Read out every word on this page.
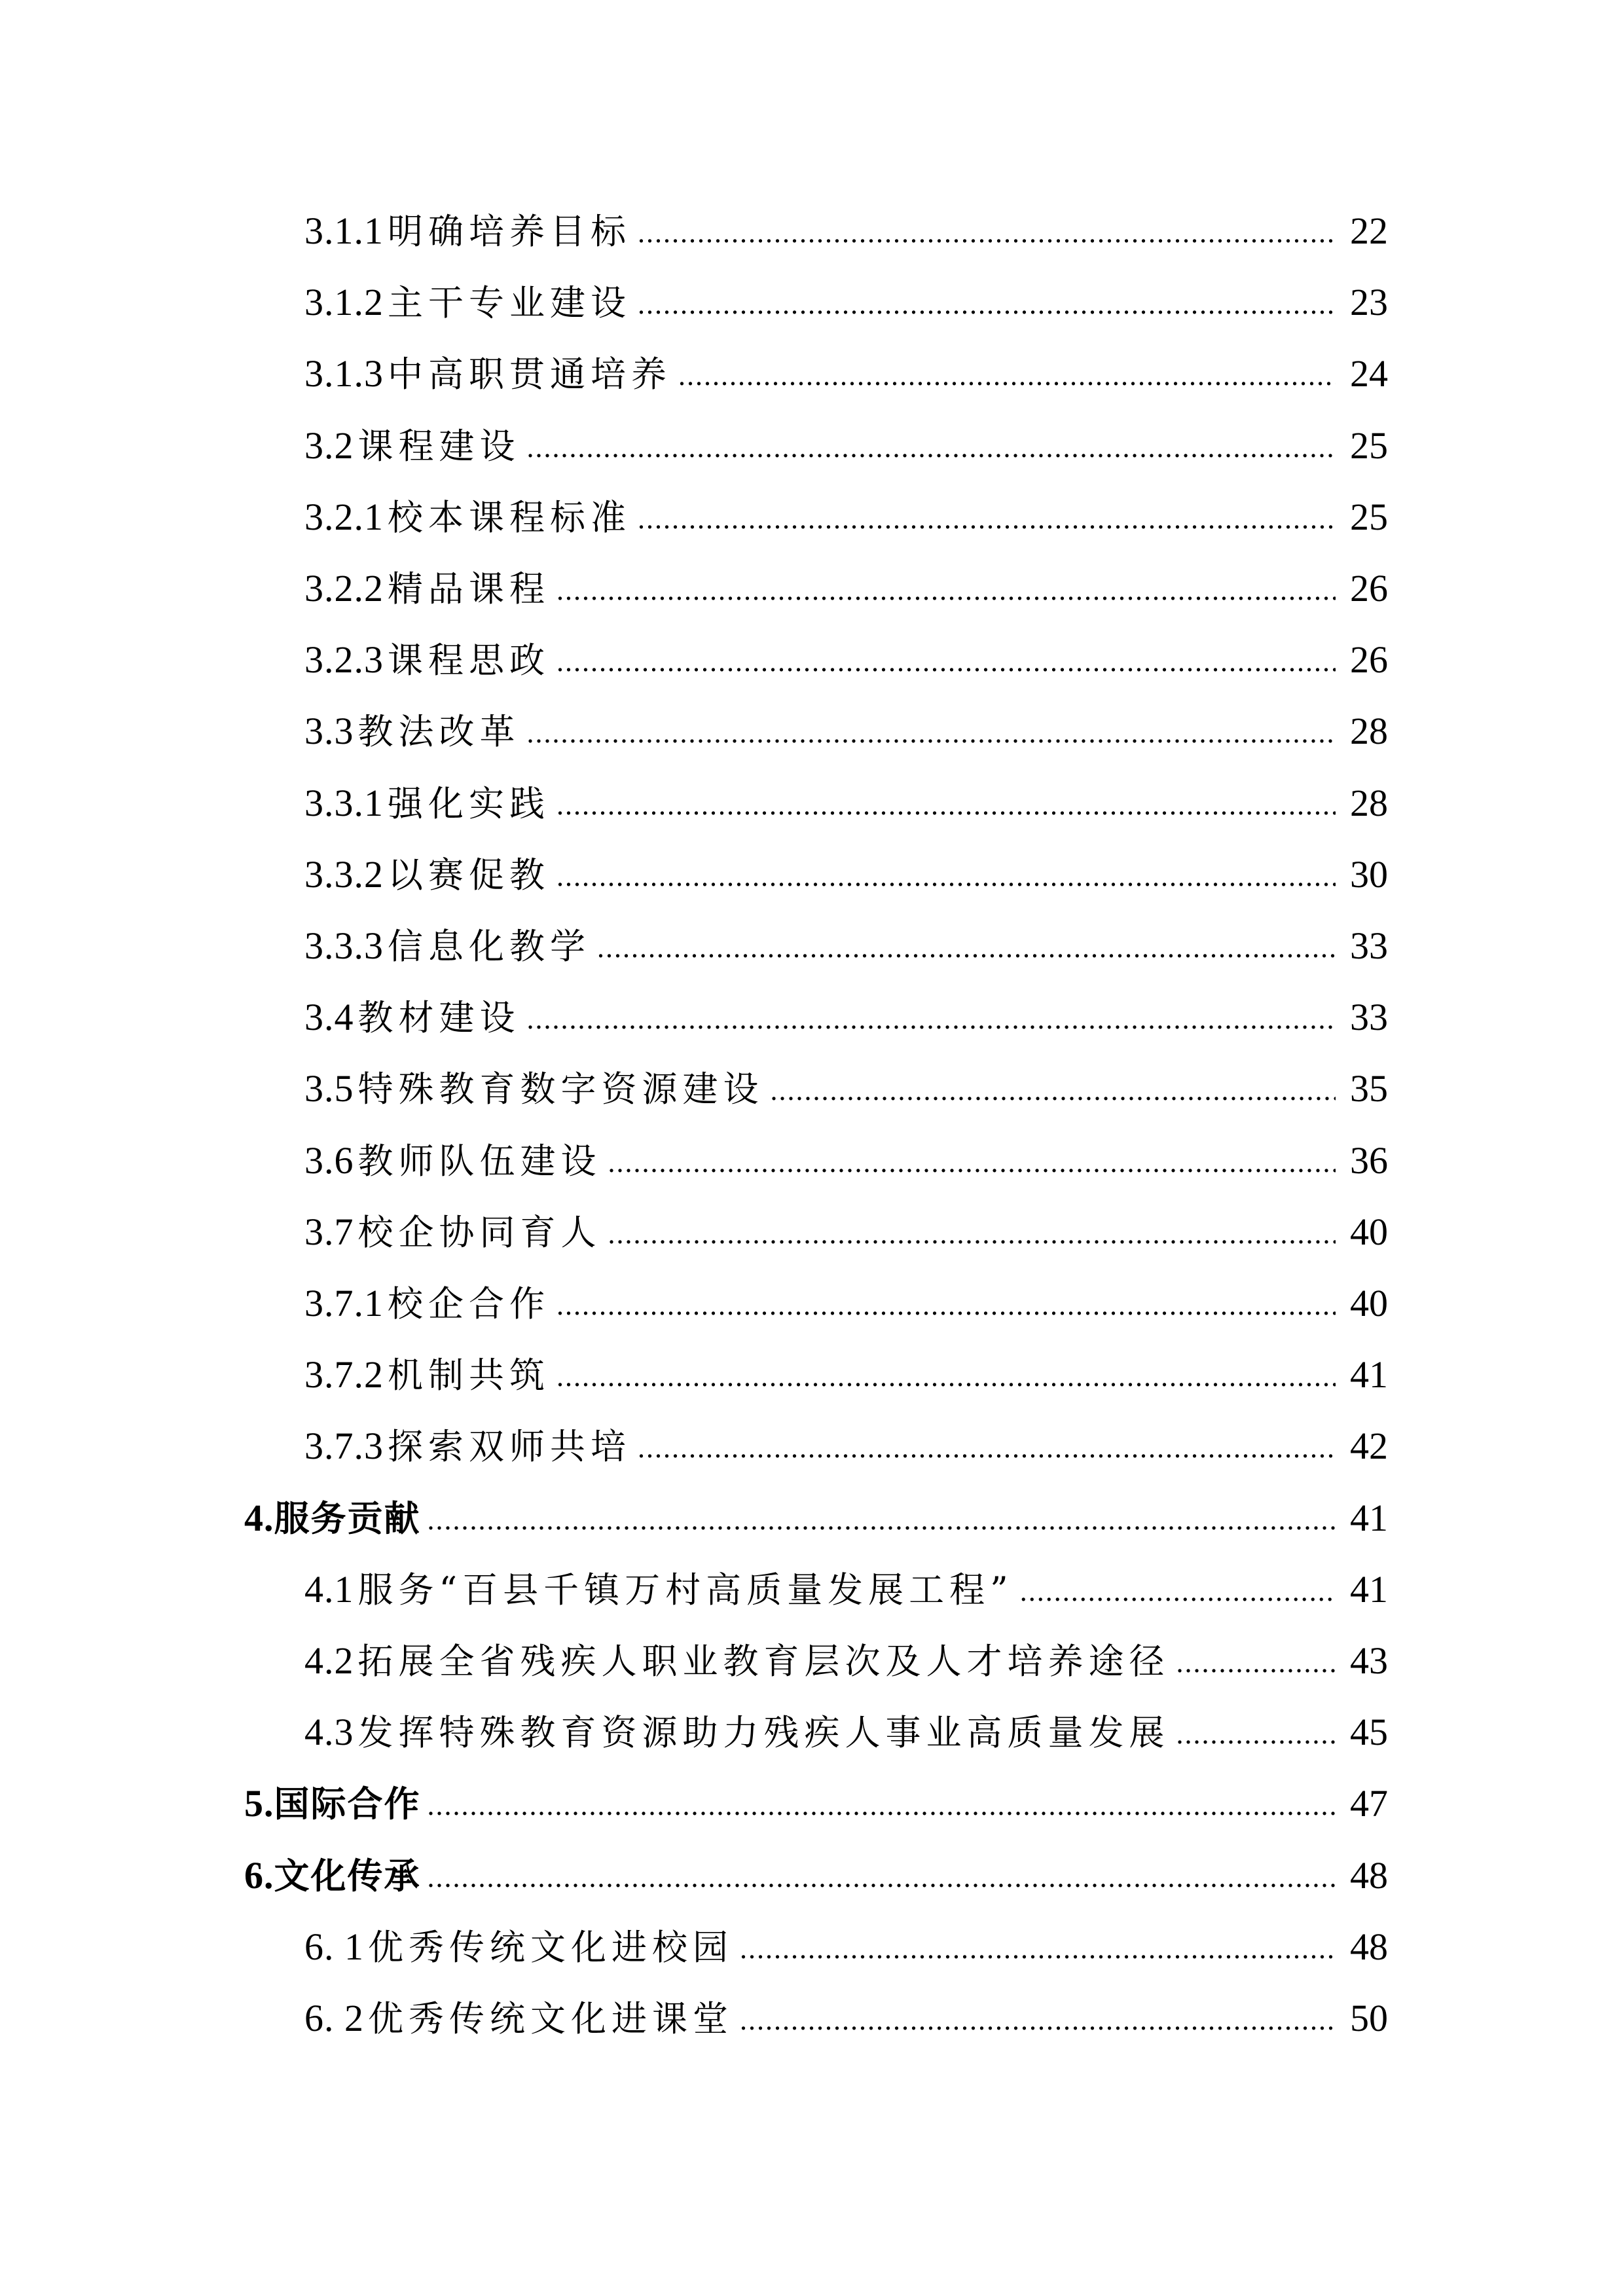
3.1.1 明确培养目标 .....	22
3.1.2 主干专业建设 .....	23
3.1.3 中高职贯通培养 .....	24
3.2 课程建设 .....	25
3.2.1 校本课程标准 .....	25
3.2.2 精品课程 .....	26
3.2.3 课程思政 .....	26
3.3 教法改革 .....	28
3.3.1 强化实践 .....	28
3.3.2 以赛促教 .....	30
3.3.3 信息化教学 .....	33
3.4 教材建设 .....	33
3.5 特殊教育数字资源建设 .....	35
3.6 教师队伍建设 .....	36
3.7 校企协同育人 .....	40
3.7.1 校企合作 .....	40
3.7.2 机制共筑 .....	41
3.7.3 探索双师共培 .....	42
4. 服务贡献 .....	41
4.1 服务“百县千镇万村高质量发展工程” .....	41
4.2 拓展全省残疾人职业教育层次及人才培养途径 .....	43
4.3 发挥特殊教育资源助力残疾人事业高质量发展 .....	45
5. 国际合作 .....	47
6. 文化传承 .....	48
6. 1 优秀传统文化进校园 .....	48
6. 2 优秀传统文化进课堂 .....	50
